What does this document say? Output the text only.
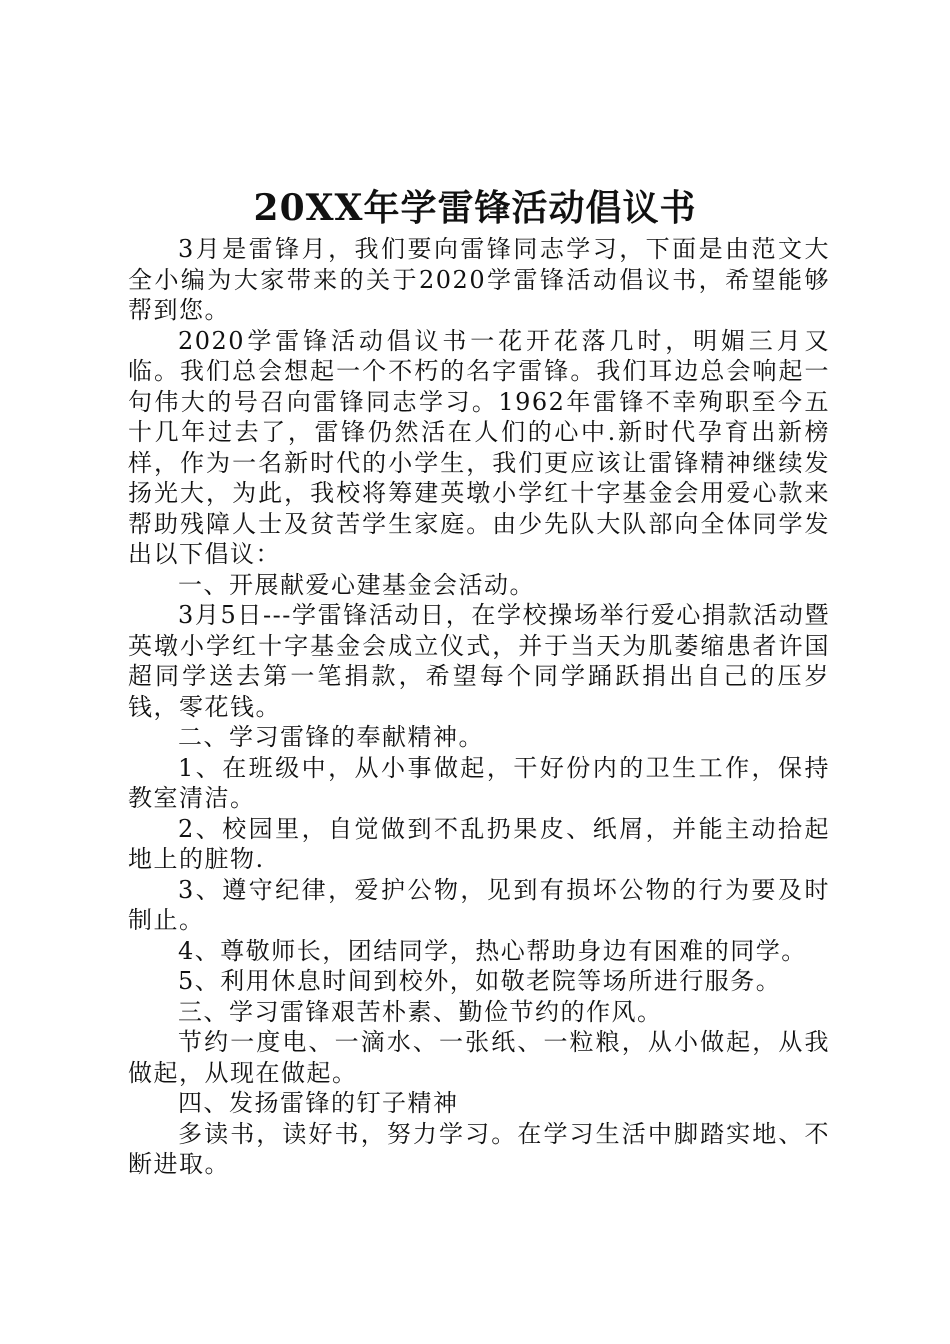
20XX年学雷锋活动倡议书

3月是雷锋月，我们要向雷锋同志学习，下面是由范文大全小编为大家带来的关于2020学雷锋活动倡议书，希望能够帮到您。

2020学雷锋活动倡议书一花开花落几时，明媚三月又临。我们总会想起一个不朽的名字雷锋。我们耳边总会响起一句伟大的号召向雷锋同志学习。1962年雷锋不幸殉职至今五十几年过去了，雷锋仍然活在人们的心中.新时代孕育出新榜样，作为一名新时代的小学生，我们更应该让雷锋精神继续发扬光大，为此，我校将筹建英墩小学红十字基金会用爱心款来帮助残障人士及贫苦学生家庭。由少先队大队部向全体同学发出以下倡议：

一、开展献爱心建基金会活动。

3月5日---学雷锋活动日，在学校操场举行爱心捐款活动暨英墩小学红十字基金会成立仪式，并于当天为肌萎缩患者许国超同学送去第一笔捐款，希望每个同学踊跃捐出自己的压岁钱，零花钱。

二、学习雷锋的奉献精神。

1、在班级中，从小事做起，干好份内的卫生工作，保持教室清洁。

2、校园里，自觉做到不乱扔果皮、纸屑，并能主动拾起地上的脏物.

3、遵守纪律，爱护公物，见到有损坏公物的行为要及时制止。

4、尊敬师长，团结同学，热心帮助身边有困难的同学。

5、利用休息时间到校外，如敬老院等场所进行服务。

三、学习雷锋艰苦朴素、勤俭节约的作风。

节约一度电、一滴水、一张纸、一粒粮，从小做起，从我做起，从现在做起。

四、发扬雷锋的钉子精神

多读书，读好书，努力学习。在学习生活中脚踏实地、不断进取。
